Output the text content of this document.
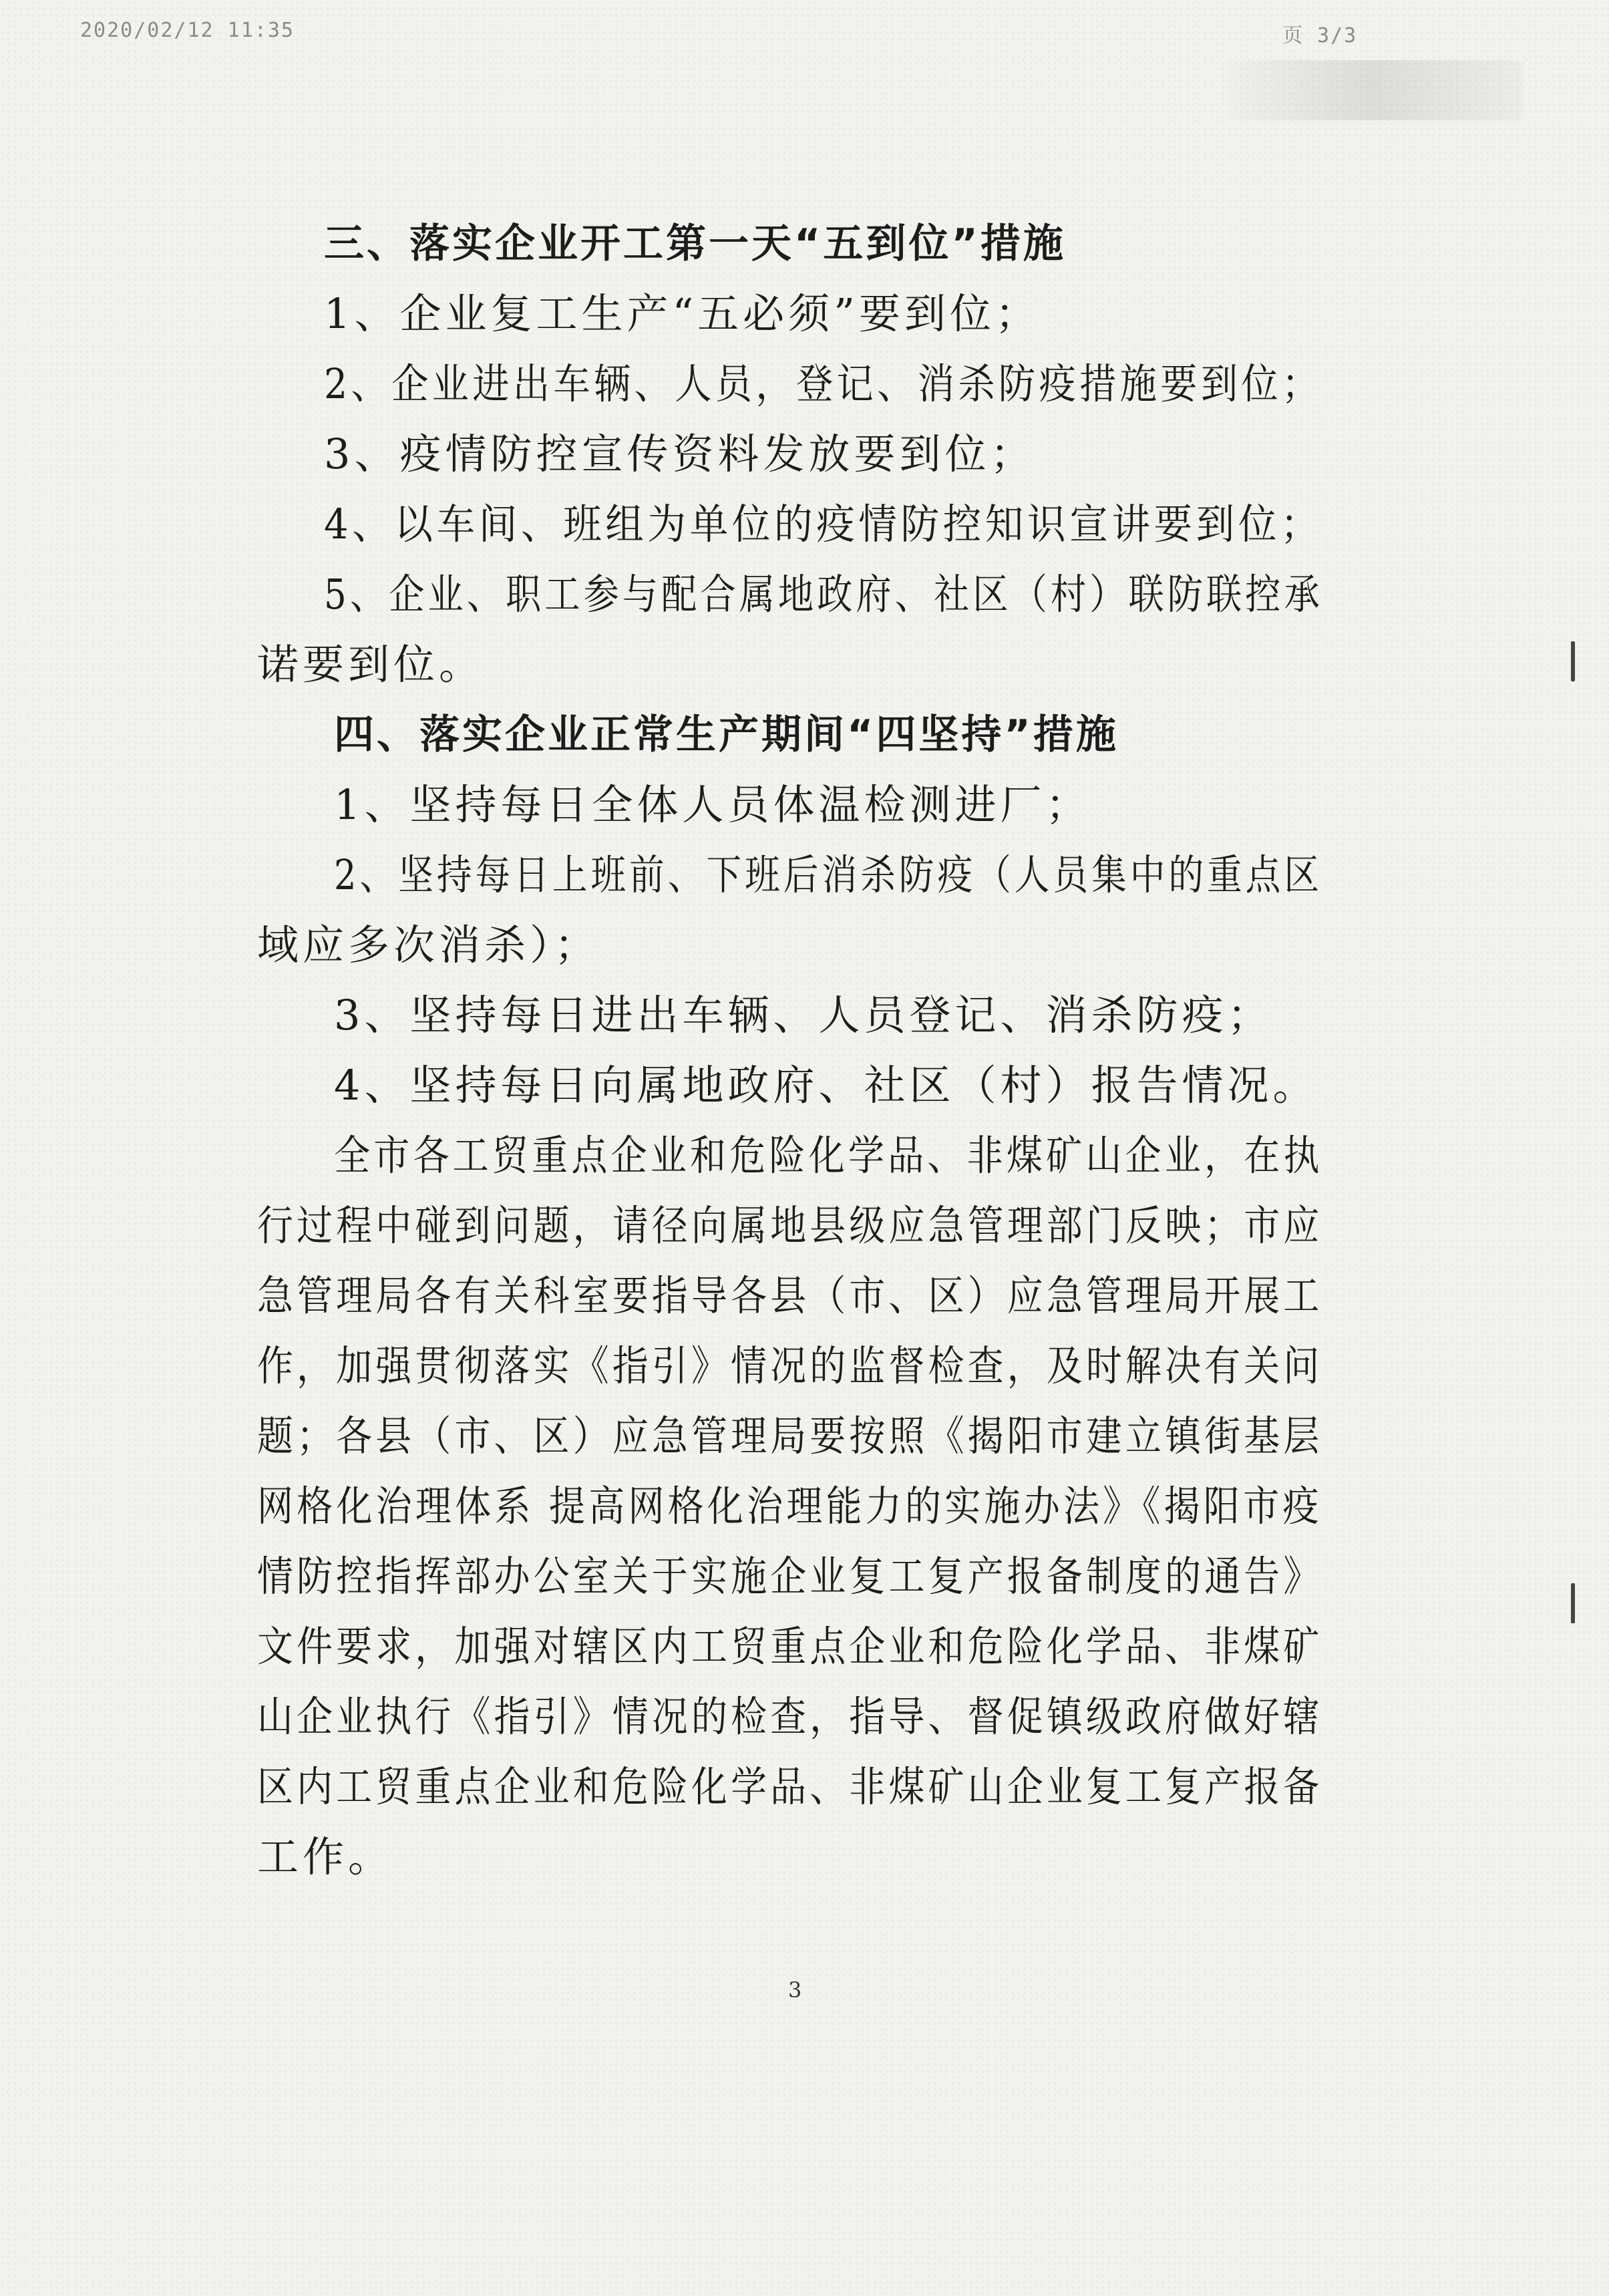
2020/02/12 11:35	页 3/3
三、落实企业开工第一天“五到位”措施
1、企业复工生产“五必须”要到位；
2、企业进出车辆、人员，登记、消杀防疫措施要到位；
3、疫情防控宣传资料发放要到位；
4、以车间、班组为单位的疫情防控知识宣讲要到位；
5、企业、职工参与配合属地政府、社区（村）联防联控承
诺要到位。
四、落实企业正常生产期间“四坚持”措施
1、坚持每日全体人员体温检测进厂；
2、坚持每日上班前、下班后消杀防疫（人员集中的重点区
域应多次消杀）；
3、坚持每日进出车辆、人员登记、消杀防疫；
4、坚持每日向属地政府、社区（村）报告情况。
全市各工贸重点企业和危险化学品、非煤矿山企业，在执
行过程中碰到问题，请径向属地县级应急管理部门反映；市应
急管理局各有关科室要指导各县（市、区）应急管理局开展工
作，加强贯彻落实《指引》情况的监督检查，及时解决有关问
题；各县（市、区）应急管理局要按照《揭阳市建立镇街基层
网格化治理体系 提高网格化治理能力的实施办法》《揭阳市疫
情防控指挥部办公室关于实施企业复工复产报备制度的通告》
文件要求，加强对辖区内工贸重点企业和危险化学品、非煤矿
山企业执行《指引》情况的检查，指导、督促镇级政府做好辖
区内工贸重点企业和危险化学品、非煤矿山企业复工复产报备
工作。
3
